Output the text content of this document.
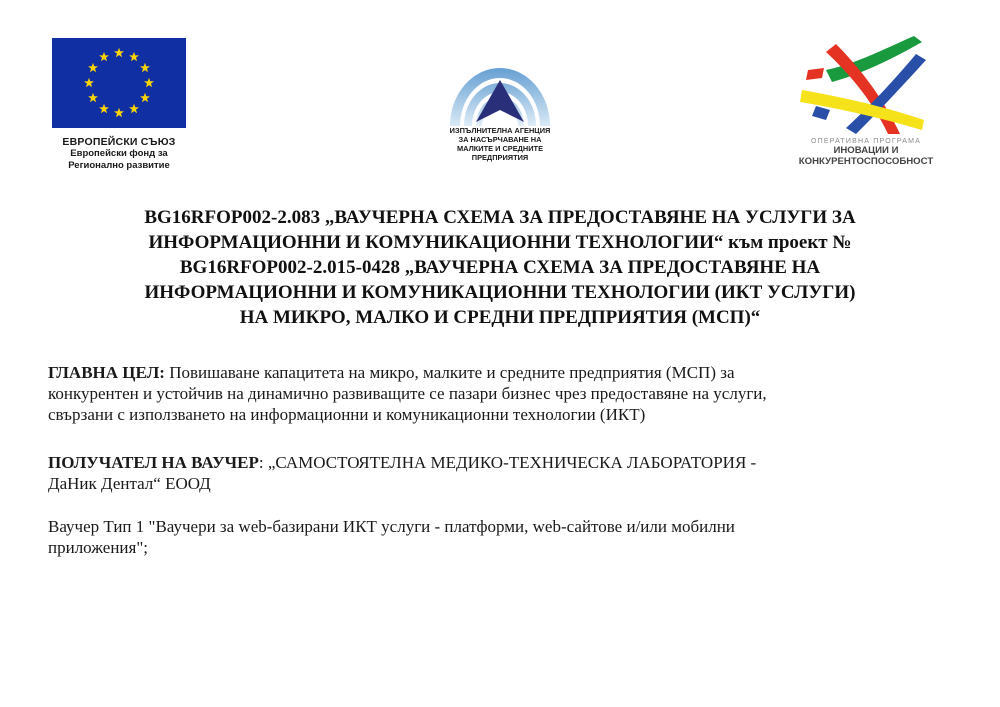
ЕВРОПЕЙСКИ СЪЮЗ
Европейски фонд за
Регионално развитие
ИЗПЪЛНИТЕЛНА АГЕНЦИЯ
ЗА НАСЪРЧАВАНЕ НА
МАЛКИТЕ И СРЕДНИТЕ
ПРЕДПРИЯТИЯ
ОПЕРАТИВНА ПРОГРАМА
ИНОВАЦИИ И
КОНКУРЕНТОСПОСОБНОСТ
BG16RFOP002-2.083 „ВАУЧЕРНА СХЕМА ЗА ПРЕДОСТАВЯНЕ НА УСЛУГИ ЗА
ИНФОРМАЦИОННИ И КОМУНИКАЦИОННИ ТЕХНОЛОГИИ“ към проект №
BG16RFOP002-2.015-0428 „ВАУЧЕРНА СХЕМА ЗА ПРЕДОСТАВЯНЕ НА
ИНФОРМАЦИОННИ И КОМУНИКАЦИОННИ ТЕХНОЛОГИИ (ИКТ УСЛУГИ)
НА МИКРО, МАЛКО И СРЕДНИ ПРЕДПРИЯТИЯ (МСП)“

ГЛАВНА ЦЕЛ: Повишаване капацитета на микро, малките и средните предприятия (МСП) за
конкурентен и устойчив на динамично развиващите се пазари бизнес чрез предоставяне на услуги,
свързани с използването на информационни и комуникационни технологии (ИКТ)

ПОЛУЧАТЕЛ НА ВАУЧЕР: „САМОСТОЯТЕЛНА МЕДИКО-ТЕХНИЧЕСКА ЛАБОРАТОРИЯ -
ДаНик Дентал“ ЕООД

Ваучер Тип 1 "Ваучери за web-базирани ИКТ услуги - платформи, web-сайтове и/или мобилни
приложения";
